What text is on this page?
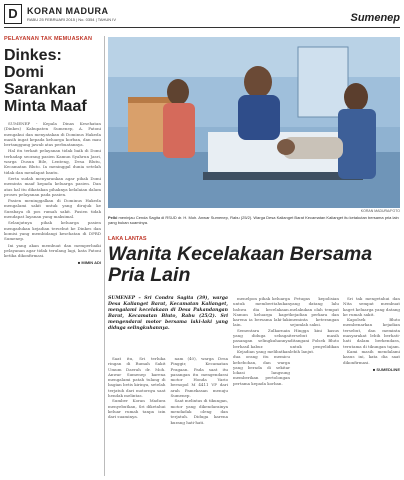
D	KORAN MADURA
RABU 25 FEBRUARI 2015 | No. 0354 | TAHUN IV	Sumenep
PELAYANAN TAK MEMUASKAN
Dinkes: Domi Sarankan Minta Maaf

SUMENEP - Kepala Dinas Kesehatan (Dinkes) Kabupaten Sumenep, A. Fatoni mengakui dan menyatakan di Dominus Hakeda masih ingat kepada keluarga korban, dan mau bertanggung jawab atas perbuatannya.

Hal itu terkait pelayanan tidak baik di Domi terhadap seorang pasien Kamun Syahrun Jasri, warga Dusun Bile, Lenteng, Desa Blutu, Kecamatan Bluto. Ia meninggal dunia setelah tidak dan mendapat bantu.

Serta sudah menyarankan agar pihak Domi meminta maaf kepada keluarga pasien. Dan atas hal itu dikatakan pihaknya kelalaian dalam proses pelayanan pada pasien.

Pasien meninggalkan di Dominus Hakeda mengalami sakit untuk yang dirujuk ke Surabaya di pos rumah sakit. Pasien tidak mendapat layanan yang maksimal.

Selanjutnya pihak keluarga pasien mengadukan kejadian tersebut ke Dinkes dan komisi yang membidangi kesehatan di DPRD Sumenep.

Ini yang akan membuat dan memperbaiki pelayanan agar tidak terulang lagi, kata Fatoni ketika dikonfirmasi.

■ MIMIN ADI
KORAN MADURA/FOTO
Pelki meninjau Cenda Sagita di RSUD dr. H. Moh. Anwar Sumenep, Rabu (25/2). Warga Desa Kalianget Barat Kecamatan Kalianget itu ketakutan bersama pria lain yang bukan suaminya.
LAKA LANTAS
Wanita Kecelakaan Bersama Pria Lain
SUMENEP – Sri Condra Sagita (39), warga Desa Kalianget Barat, Kecamatan Kalianget, mengalami kecelakaan di Desa Pakandangan Barat, Kecamatan Bluto, Rabu (25/2). Sri mengendarai motor bersama laki-laki yang diduga selingkuhannya.

Saat itu, Sri terluka ringan di Rumah Sakit Umum Daerah dr. Moh. Anwar Sumenep karena mengalami patah tulang di bagian betis kirinya, setelah terjatuh dari motornya saat hendak melintas.

Sumber Koran Madura menyebutkan, Sri diketahui keluar rumah tanpa izin dari suaminya.

nam (40), warga Desa Pinggir, Kecamatan Pragaan. Pada saat itu pasangan itu mengendarai motor Honda Vario bernopol M 4411 VP dari arah Pamekasan menuju Sumenep.

Saat melintas di tikungan, motor yang dikendarainya mendadak oleng dan terjatuh. Diduga karena kurang hati-hati.

menelpon pihak keluarga untuk memberitahukan bahwa dia kecelakaan. Namun keluarga kaget karena ia bersama laki-laki lain.

Sementara Zulkarnain yang diduga sebagai pasangan selingkuhannya berhasil kabur.

Kejadian yang melibatkan dua orang itu memicu kehebohan, dan warga yang berada di sekitar lokasi langsung memberikan pertolongan pertama kepada korban.

Petugas kepolisian yang datang lalu melakukan olah tempat kejadian perkara dan meminta keterangan sejumlah saksi.

Hingga kini kasus tersebut masih ditangani Polsek Bluto untuk penyelidikan lebih lanjut.

Sri tak mengetahui dan Nita sempat membuat kaget keluarga yang datang ke rumah sakit.

Kapolsek Bluto membenarkan kejadian tersebut, dan meminta masyarakat lebih berhati-hati dalam berkendara, terutama di tikungan tajam.

Kami masih mendalami kasus ini, kata dia saat dikonfirmasi.

■ SUMEDLINE
